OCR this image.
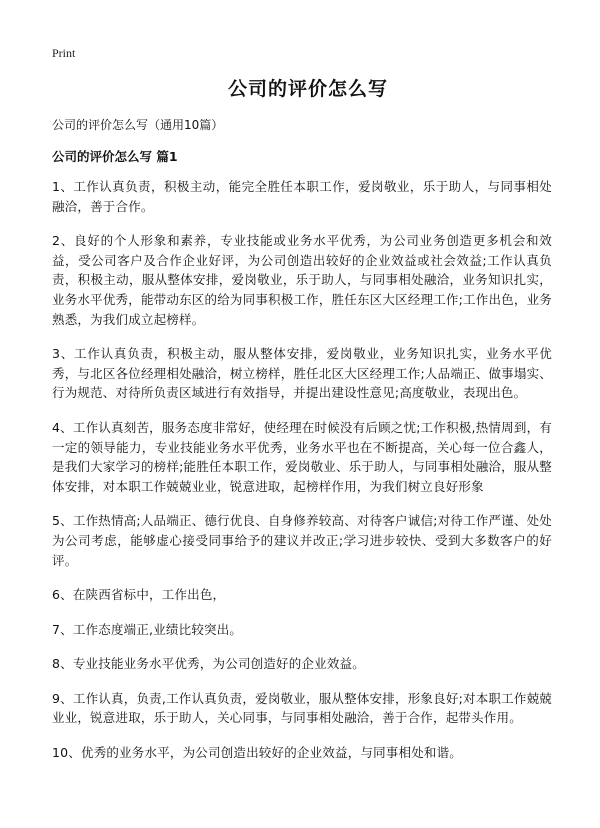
Print
公司的评价怎么写
公司的评价怎么写（通用10篇）
公司的评价怎么写 篇1

1、工作认真负责，积极主动，能完全胜任本职工作，爱岗敬业，乐于助人，与同事相处融洽，善于合作。

2、良好的个人形象和素养，专业技能或业务水平优秀，为公司业务创造更多机会和效益，受公司客户及合作企业好评，为公司创造出较好的企业效益或社会效益;工作认真负责，积极主动，服从整体安排，爱岗敬业，乐于助人，与同事相处融洽，业务知识扎实，业务水平优秀，能带动东区的给为同事积极工作，胜任东区大区经理工作;工作出色，业务熟悉，为我们成立起榜样。

3、工作认真负责，积极主动，服从整体安排，爱岗敬业，业务知识扎实，业务水平优秀，与北区各位经理相处融洽，树立榜样，胜任北区大区经理工作;人品端正、做事塌实、行为规范、对待所负责区域进行有效指导，并提出建设性意见;高度敬业，表现出色。

4、工作认真刻苦，服务态度非常好，使经理在时候没有后顾之忧;工作积极,热情周到，有一定的领导能力，专业技能业务水平优秀，业务水平也在不断提高，关心每一位合鑫人，是我们大家学习的榜样;能胜任本职工作，爱岗敬业、乐于助人，与同事相处融洽，服从整体安排，对本职工作兢兢业业，锐意进取，起榜样作用，为我们树立良好形象

5、工作热情高;人品端正、德行优良、自身修养较高、对待客户诚信;对待工作严谨、处处为公司考虑，能够虚心接受同事给予的建议并改正;学习进步较快、受到大多数客户的好评。

6、在陕西省标中，工作出色，

7、工作态度端正,业绩比较突出。

8、专业技能业务水平优秀，为公司创造好的企业效益。

9、工作认真，负责,工作认真负责，爱岗敬业，服从整体安排，形象良好;对本职工作兢兢业业，锐意进取，乐于助人，关心同事，与同事相处融洽，善于合作，起带头作用。

10、优秀的业务水平，为公司创造出较好的企业效益，与同事相处和谐。
